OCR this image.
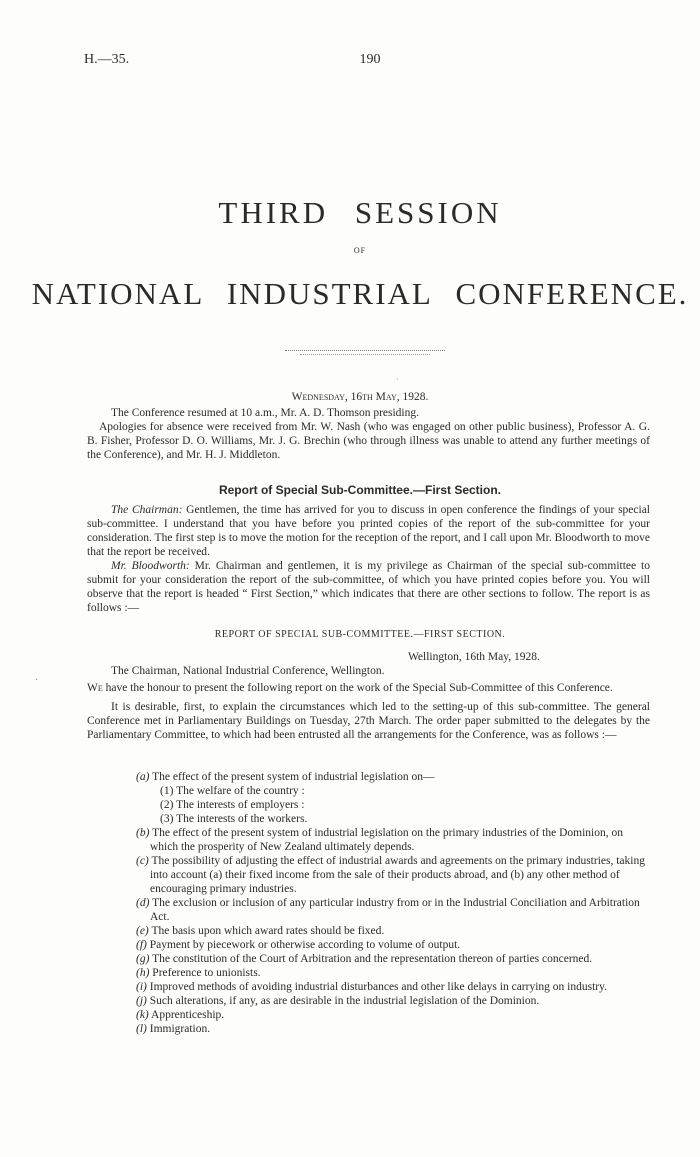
H.—35.	190
THIRD SESSION
OF
NATIONAL INDUSTRIAL CONFERENCE.
·
Wednesday, 16th May, 1928.

The Conference resumed at 10 a.m., Mr. A. D. Thomson presiding.

Apologies for absence were received from Mr. W. Nash (who was engaged on other public business), Professor A. G. B. Fisher, Professor D. O. Williams, Mr. J. G. Brechin (who through illness was unable to attend any further meetings of the Conference), and Mr. H. J. Middleton.

Report of Special Sub-Committee.—First Section.

The Chairman: Gentlemen, the time has arrived for you to discuss in open conference the findings of your special sub-committee. I understand that you have before you printed copies of the report of the sub-committee for your consideration. The first step is to move the motion for the reception of the report, and I call upon Mr. Bloodworth to move that the report be received.

Mr. Bloodworth: Mr. Chairman and gentlemen, it is my privilege as Chairman of the special sub-committee to submit for your consideration the report of the sub-committee, of which you have printed copies before you. You will observe that the report is headed “ First Section,” which indicates that there are other sections to follow. The report is as follows :—

REPORT OF SPECIAL SUB-COMMITTEE.—FIRST SECTION.
Wellington, 16th May, 1928.
The Chairman, National Industrial Conference, Wellington.
·

We have the honour to present the following report on the work of the Special Sub-Committee of this Conference.

It is desirable, first, to explain the circumstances which led to the setting-up of this sub-committee. The general Conference met in Parliamentary Buildings on Tuesday, 27th March. The order paper submitted to the delegates by the Parliamentary Committee, to which had been entrusted all the arrangements for the Conference, was as follows :—

(a) The effect of the present system of industrial legislation on—
(1) The welfare of the country :
(2) The interests of employers :
(3) The interests of the workers.
(b) The effect of the present system of industrial legislation on the primary industries of the Dominion, on which the prosperity of New Zealand ultimately depends.
(c) The possibility of adjusting the effect of industrial awards and agreements on the primary industries, taking into account (a) their fixed income from the sale of their products abroad, and (b) any other method of encouraging primary industries.
(d) The exclusion or inclusion of any particular industry from or in the Industrial Conciliation and Arbitration Act.
(e) The basis upon which award rates should be fixed.
(f) Payment by piecework or otherwise according to volume of output.
(g) The constitution of the Court of Arbitration and the representation thereon of parties concerned.
(h) Preference to unionists.
(i) Improved methods of avoiding industrial disturbances and other like delays in carrying on industry.
(j) Such alterations, if any, as are desirable in the industrial legislation of the Dominion.
(k) Apprenticeship.
(l) Immigration.
